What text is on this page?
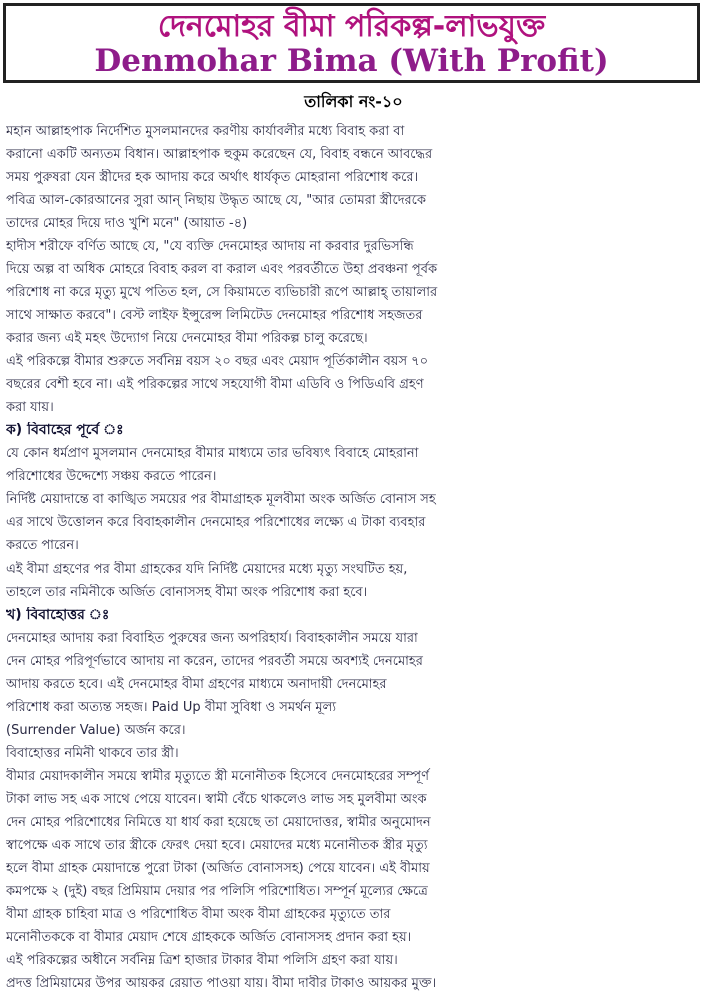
দেনমোহর বীমা পরিকল্প-লাভযুক্ত
Denmohar Bima (With Profit)
তালিকা নং-১০
মহান আল্লাহপাক নির্দেশিত মুসলমানদের করণীয় কার্যাবলীর মধ্যে বিবাহ করা বা
করানো একটি অন্যতম বিধান। আল্লাহপাক হুকুম করেছেন যে, বিবাহ বন্ধনে আবদ্ধের
সময় পুরুষরা যেন স্ত্রীদের হক আদায় করে অর্থাৎ ধার্যকৃত মোহরানা পরিশোধ করে।
পবিত্র আল-কোরআনের সুরা আন্ নিছায় উদ্ধৃত আছে যে, "আর তোমরা স্ত্রীদেরকে
তাদের মোহর দিয়ে দাও খুশি মনে" (আয়াত -৪)
হাদীস শরীফে বর্ণিত আছে যে, "যে ব্যক্তি দেনমোহর আদায় না করবার দুরভিসন্ধি
দিয়ে অল্প বা অধিক মোহরে বিবাহ করল বা করাল এবং পরবর্তীতে উহা প্রবঞ্চনা পূর্বক
পরিশোধ না করে মৃত্যু মুখে পতিত হল, সে কিয়ামতে ব্যভিচারী রূপে আল্লাহ্ তায়ালার
সাথে সাক্ষাত করবে"। বেস্ট লাইফ ইন্সুরেন্স লিমিটেড দেনমোহর পরিশোধ সহজতর
করার জন্য এই মহৎ উদ্যোগ নিয়ে দেনমোহর বীমা পরিকল্প চালু করেছে।
এই পরিকল্পে বীমার শুরুতে সর্বনিম্ন বয়স ২০ বছর এবং মেয়াদ পূর্তিকালীন বয়স ৭০
বছরের বেশী হবে না। এই পরিকল্পের সাথে সহযোগী বীমা এডিবি ও পিডিএবি গ্রহণ
করা যায়।
ক) বিবাহের পূর্বে ঃ
যে কোন ধর্মপ্রাণ মুসলমান দেনমোহর বীমার মাধ্যমে তার ভবিষ্যৎ বিবাহে মোহরানা
পরিশোধের উদ্দেশ্যে সঞ্চয় করতে পারেন।
নির্দিষ্ট মেয়াদান্তে বা কাঙ্খিত সময়ের পর বীমাগ্রাহক মূলবীমা অংক অর্জিত বোনাস সহ
এর সাথে উত্তোলন করে বিবাহকালীন দেনমোহর পরিশোধের লক্ষ্যে এ টাকা ব্যবহার
করতে পারেন।
এই বীমা গ্রহণের পর বীমা গ্রাহকের যদি নির্দিষ্ট মেয়াদের মধ্যে মৃত্যু সংঘটিত হয়,
তাহলে তার নমিনীকে অর্জিত বোনাসসহ বীমা অংক পরিশোধ করা হবে।
খ) বিবাহোত্তর ঃ
দেনমোহর আদায় করা বিবাহিত পুরুষের জন্য অপরিহার্য। বিবাহকালীন সময়ে যারা
দেন মোহর পরিপূর্ণভাবে আদায় না করেন, তাদের পরবর্তী সময়ে অবশ্যই দেনমোহর
আদায় করতে হবে। এই দেনমোহর বীমা গ্রহণের মাধ্যমে অনাদায়ী দেনমোহর
পরিশোধ করা অত্যন্ত সহজ। Paid Up বীমা সুবিধা ও সমর্থন মূল্য
(Surrender Value) অর্জন করে।
বিবাহোত্তর নমিনী থাকবে তার স্ত্রী।
বীমার মেয়াদকালীন সময়ে স্বামীর মৃত্যুতে স্ত্রী মনোনীতক হিসেবে দেনমোহরের সম্পূর্ণ
টাকা লাভ সহ এক সাথে পেয়ে যাবেন। স্বামী বেঁচে থাকলেও লাভ সহ মুলবীমা অংক
দেন মোহর পরিশোধের নিমিত্তে যা ধার্য করা হয়েছে তা মেয়াদোত্তর, স্বামীর অনুমোদন
স্বাপেক্ষে এক সাথে তার স্ত্রীকে ফেরৎ দেয়া হবে। মেয়াদের মধ্যে মনোনীতক স্ত্রীর মৃত্যু
হলে বীমা গ্রাহক মেয়াদান্তে পুরো টাকা (অর্জিত বোনাসসহ) পেয়ে যাবেন। এই বীমায়
কমপক্ষে ২ (দুই) বছর প্রিমিয়াম দেয়ার পর পলিসি পরিশোধিত। সম্পূর্ন মূল্যের ক্ষেত্রে
বীমা গ্রাহক চাহিবা মাত্র ও পরিশোধিত বীমা অংক বীমা গ্রাহকের মৃত্যুতে তার
মনোনীতককে বা বীমার মেয়াদ শেষে গ্রাহককে অর্জিত বোনাসসহ প্রদান করা হয়।
এই পরিকল্পের অধীনে সর্বনিম্ন ত্রিশ হাজার টাকার বীমা পলিসি গ্রহণ করা যায়।
প্রদত্ত প্রিমিয়ামের উপর আয়কর রেয়াত পাওয়া যায়। বীমা দাবীর টাকাও আয়কর মুক্ত।
